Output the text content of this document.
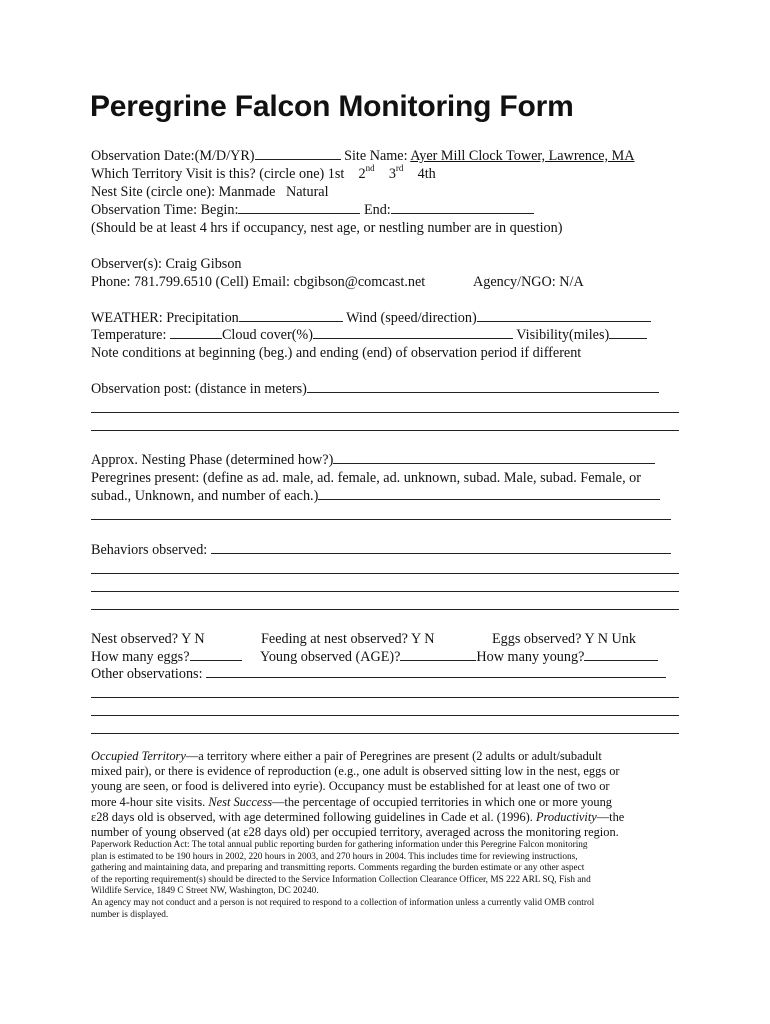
Peregrine Falcon Monitoring Form
Observation Date:(M/D/YR)	Site Name: Ayer Mill Clock Tower, Lawrence, MA
Which Territory Visit is this? (circle one) 1st 2nd 3rd 4th
Nest Site (circle one): Manmade   Natural
Observation Time: Begin:	End:
(Should be at least 4 hrs if occupancy, nest age, or nestling number are in question)
Observer(s): Craig Gibson
Phone: 781.799.6510 (Cell) Email: cbgibson@comcast.net	Agency/NGO: N/A
WEATHER: Precipitation	Wind (speed/direction)
Temperature:	Cloud cover(%)	Visibility(miles)
Note conditions at beginning (beg.) and ending (end) of observation period if different
Observation post: (distance in meters)
Approx. Nesting Phase (determined how?)
Peregrines present: (define as ad. male, ad. female, ad. unknown, subad. Male, subad. Female, or
subad., Unknown, and number of each.)
Behaviors observed:
Nest observed? Y N	Feeding at nest observed? Y N	Eggs observed? Y N Unk
How many eggs?	Young observed (AGE)?	How many young?
Other observations:
Occupied Territory—a territory where either a pair of Peregrines are present (2 adults or adult/subadult
mixed pair), or there is evidence of reproduction (e.g., one adult is observed sitting low in the nest, eggs or
young are seen, or food is delivered into eyrie). Occupancy must be established for at least one of two or
more 4-hour site visits. Nest Success—the percentage of occupied territories in which one or more young
ε28 days old is observed, with age determined following guidelines in Cade et al. (1996). Productivity—the
number of young observed (at ε28 days old) per occupied territory, averaged across the monitoring region.
Paperwork Reduction Act: The total annual public reporting burden for gathering information under this Peregrine Falcon monitoring
plan is estimated to be 190 hours in 2002, 220 hours in 2003, and 270 hours in 2004. This includes time for reviewing instructions,
gathering and maintaining data, and preparing and transmitting reports. Comments regarding the burden estimate or any other aspect
of the reporting requirement(s) should be directed to the Service Information Collection Clearance Officer, MS 222 ARL SQ, Fish and
Wildlife Service, 1849 C Street NW, Washington, DC 20240.
An agency may not conduct and a person is not required to respond to a collection of information unless a currently valid OMB control
number is displayed.
